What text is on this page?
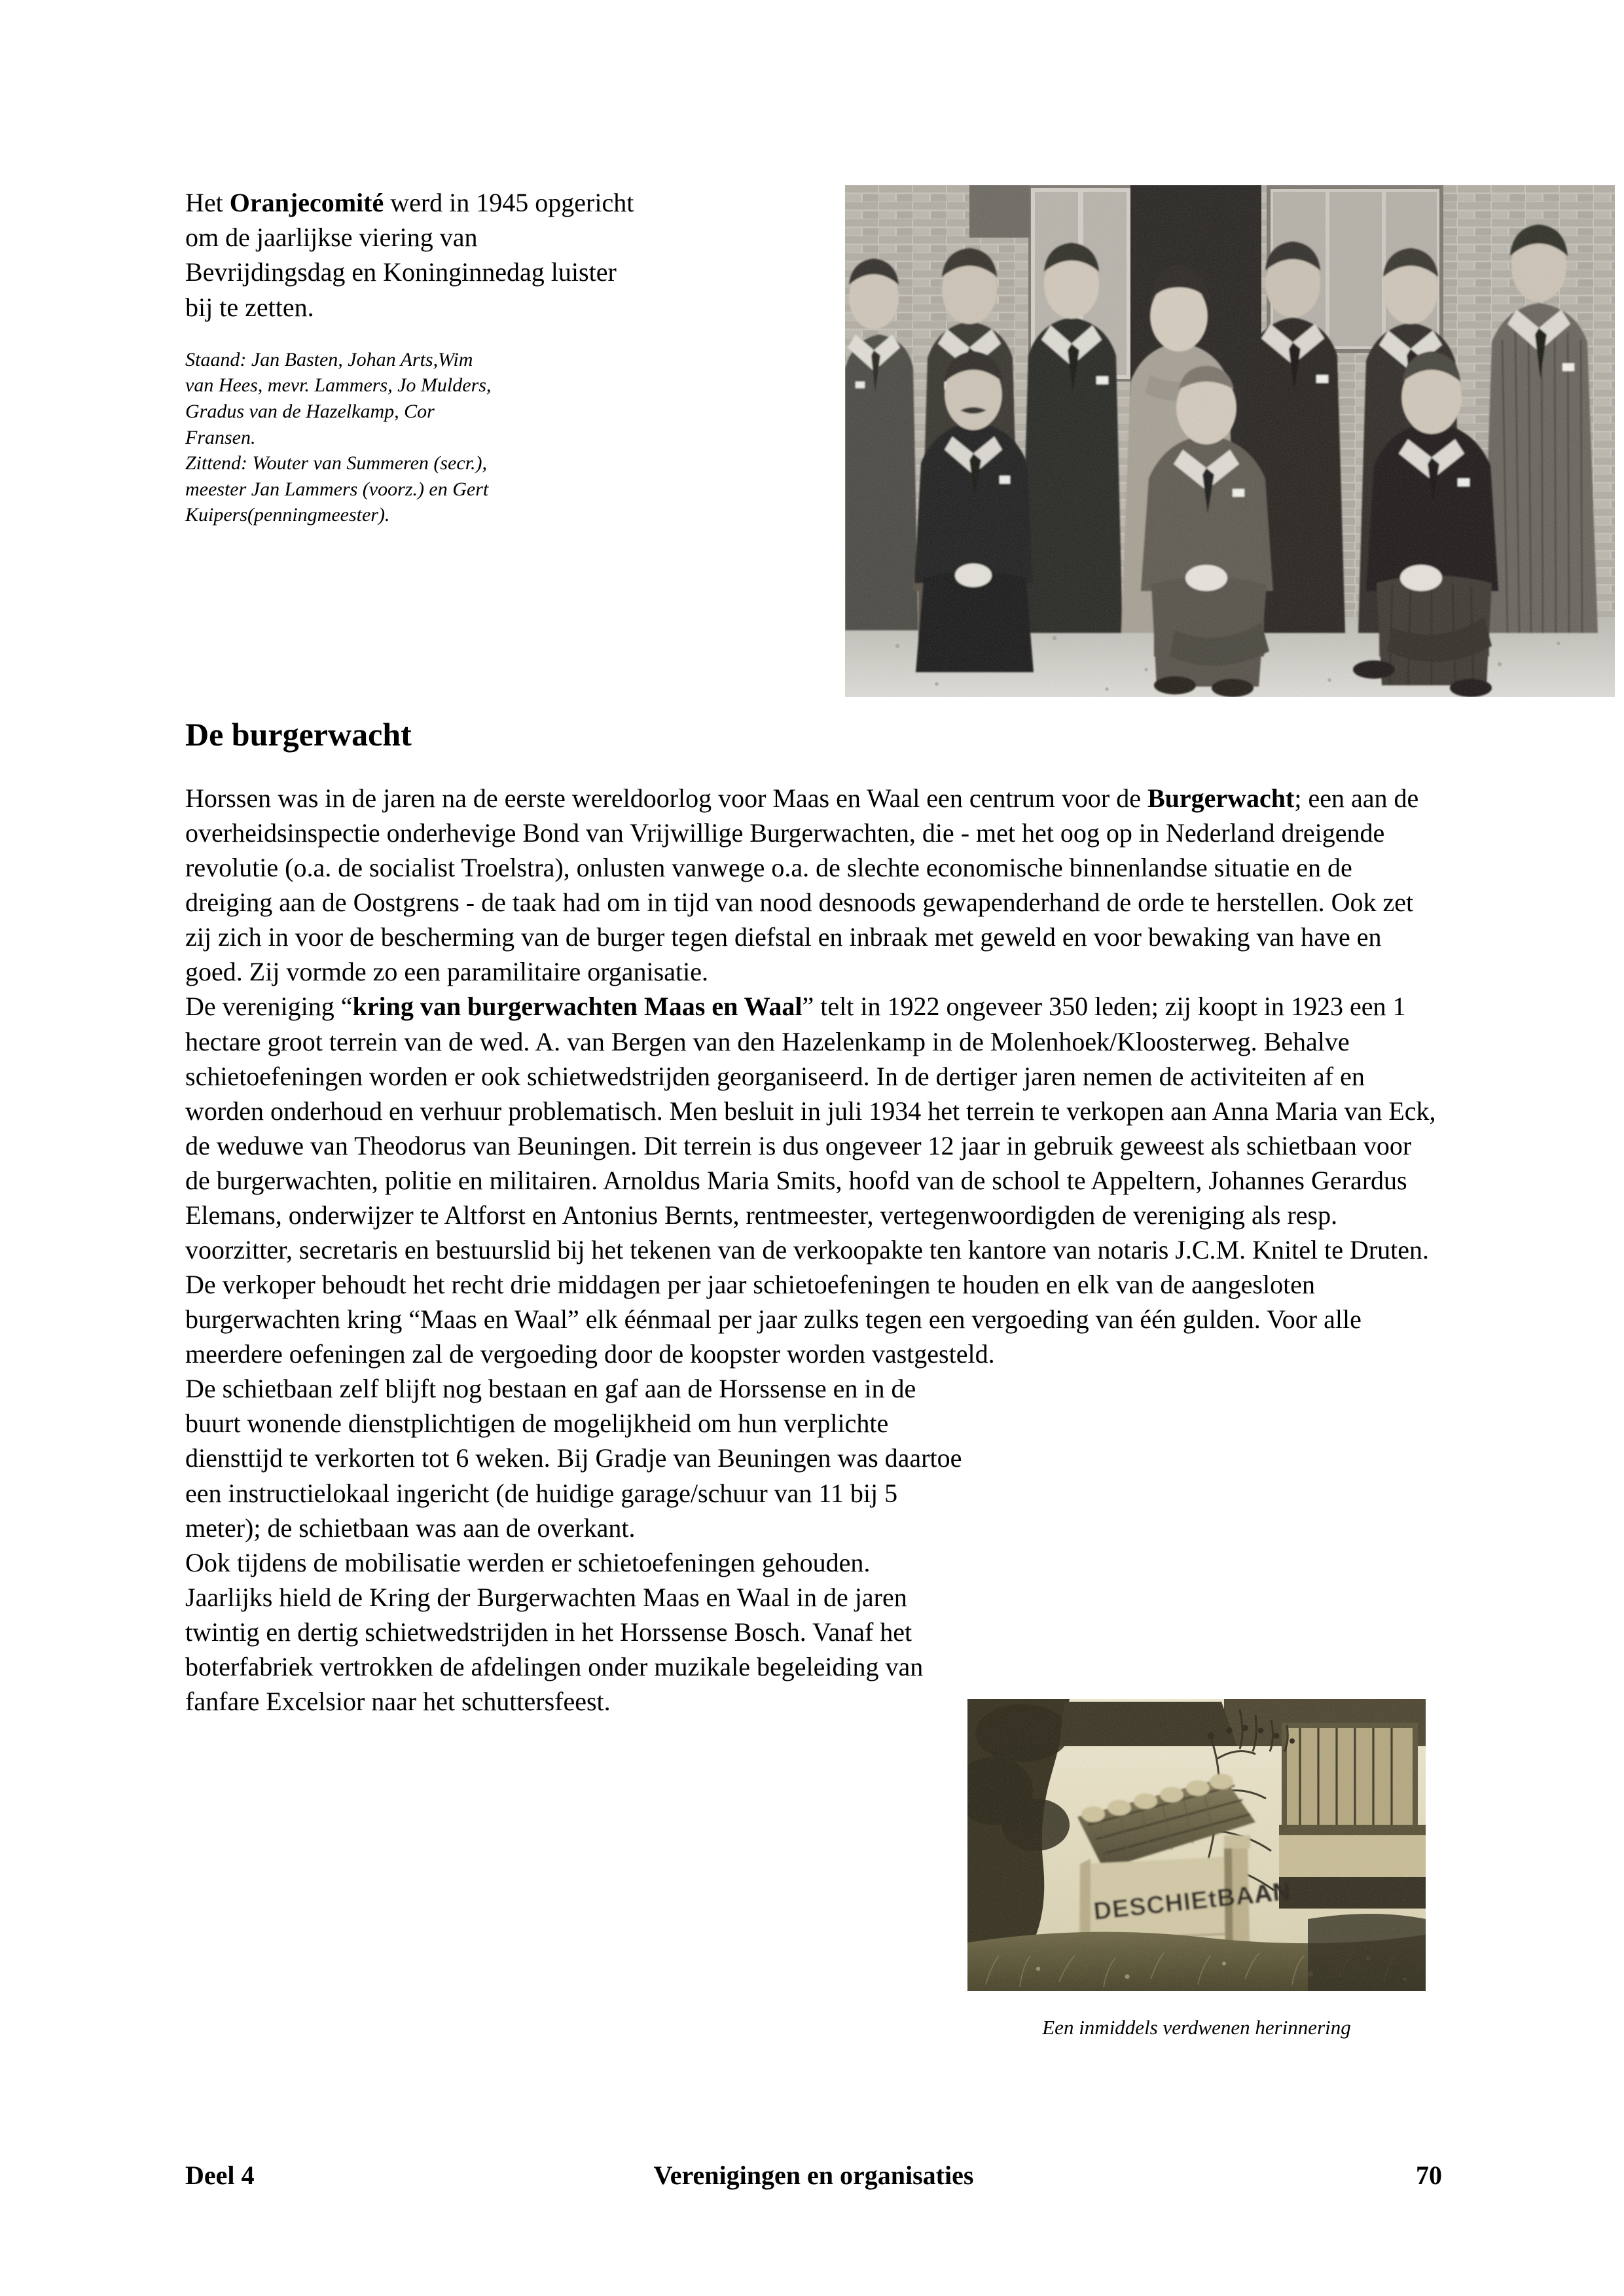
Het Oranjecomité werd in 1945 opgericht om de jaarlijkse viering van Bevrijdingsdag en Koninginnedag luister bij te zetten.

Staand: Jan Basten, Johan Arts,Wim
van Hees, mevr. Lammers, Jo Mulders,
Gradus van de Hazelkamp, Cor
Fransen.
Zittend: Wouter van Summeren (secr.),
meester Jan Lammers (voorz.) en Gert
Kuipers(penningmeester).
De burgerwacht

Horssen was in de jaren na de eerste wereldoorlog voor Maas en Waal een centrum voor de Burgerwacht; een aan de overheidsinspectie onderhevige Bond van Vrijwillige Burgerwachten, die - met het oog op in Nederland dreigende revolutie (o.a. de socialist Troelstra), onlusten vanwege o.a. de slechte economische binnenlandse situatie en de dreiging aan de Oostgrens - de taak had om in tijd van nood desnoods gewapenderhand de orde te herstellen. Ook zet zij zich in voor de bescherming van de burger tegen diefstal en inbraak met geweld en voor bewaking van have en goed. Zij vormde zo een paramilitaire organisatie.

De vereniging “kring van burgerwachten Maas en Waal” telt in 1922 ongeveer 350 leden; zij koopt in 1923 een 1 hectare groot terrein van de wed. A. van Bergen van den Hazelenkamp in de Molenhoek/Kloosterweg. Behalve schietoefeningen worden er ook schietwedstrijden georganiseerd. In de dertiger jaren nemen de activiteiten af en worden onderhoud en verhuur problematisch. Men besluit in juli 1934 het terrein te verkopen aan Anna Maria van Eck, de weduwe van Theodorus van Beuningen. Dit terrein is dus ongeveer 12 jaar in gebruik geweest als schietbaan voor de burgerwachten, politie en militairen. Arnoldus Maria Smits, hoofd van de school te Appeltern, Johannes Gerardus Elemans, onderwijzer te Altforst en Antonius Bernts, rentmeester, vertegenwoordigden de vereniging als resp. voorzitter, secretaris en bestuurslid bij het tekenen van de verkoopakte ten kantore van notaris J.C.M. Knitel te Druten. De verkoper behoudt het recht drie middagen per jaar schietoefeningen te houden en elk van de aangesloten burgerwachten kring “Maas en Waal” elk éénmaal per jaar zulks tegen een vergoeding van één gulden. Voor alle meerdere oefeningen zal de vergoeding door de koopster worden vastgesteld.

De schietbaan zelf blijft nog bestaan en gaf aan de Horssense en in de buurt wonende dienstplichtigen de mogelijkheid om hun verplichte diensttijd te verkorten tot 6 weken. Bij Gradje van Beuningen was daartoe een instructielokaal ingericht (de huidige garage/schuur van 11 bij 5 meter); de schietbaan was aan de overkant.

Ook tijdens de mobilisatie werden er schietoefeningen gehouden.

Jaarlijks hield de Kring der Burgerwachten Maas en Waal in de jaren twintig en dertig schietwedstrijden in het Horssense Bosch. Vanaf het boterfabriek vertrokken de afdelingen onder muzikale begeleiding van fanfare Excelsior naar het schuttersfeest.

Een inmiddels verdwenen herinnering
Deel 4	Verenigingen en organisaties	70
